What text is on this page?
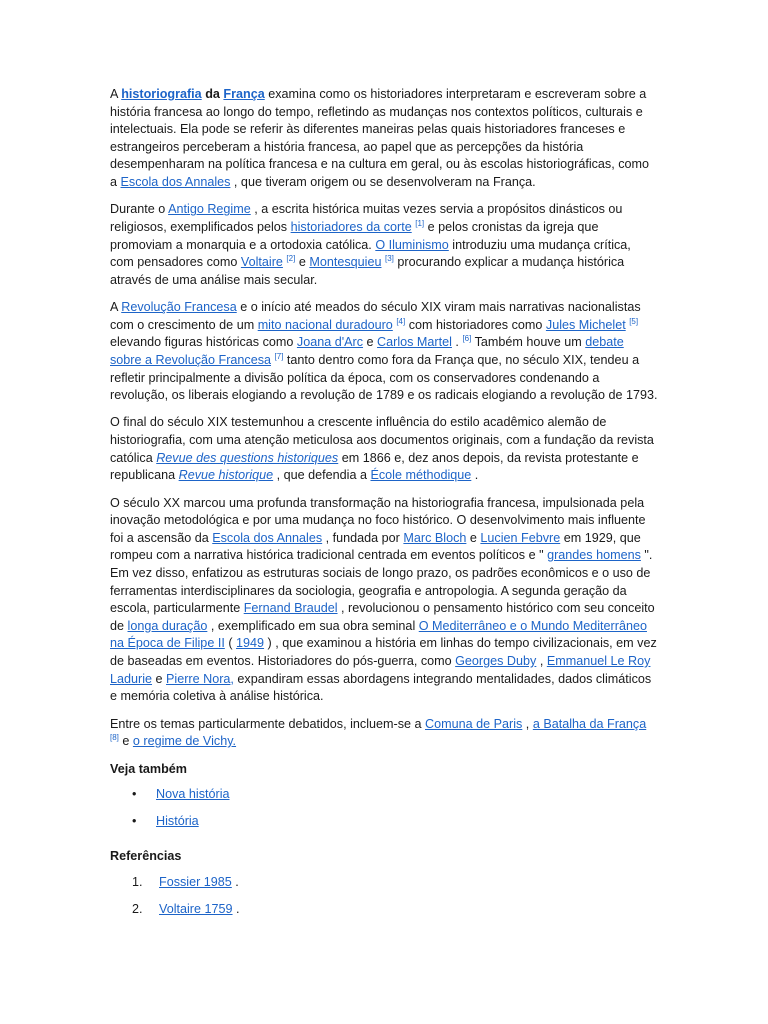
A historiografia da França examina como os historiadores interpretaram e escreveram sobre a história francesa ao longo do tempo, refletindo as mudanças nos contextos políticos, culturais e intelectuais. Ela pode se referir às diferentes maneiras pelas quais historiadores franceses e estrangeiros perceberam a história francesa, ao papel que as percepções da história desempenharam na política francesa e na cultura em geral, ou às escolas historiográficas, como a Escola dos Annales , que tiveram origem ou se desenvolveram na França.

Durante o Antigo Regime , a escrita histórica muitas vezes servia a propósitos dinásticos ou religiosos, exemplificados pelos historiadores da corte [1] e pelos cronistas da igreja que promoviam a monarquia e a ortodoxia católica. O Iluminismo introduziu uma mudança crítica, com pensadores como Voltaire [2] e Montesquieu [3] procurando explicar a mudança histórica através de uma análise mais secular.

A Revolução Francesa e o início até meados do século XIX viram mais narrativas nacionalistas com o crescimento de um mito nacional duradouro [4] com historiadores como Jules Michelet [5] elevando figuras históricas como Joana d'Arc e Carlos Martel . [6] Também houve um debate sobre a Revolução Francesa [7] tanto dentro como fora da França que, no século XIX, tendeu a refletir principalmente a divisão política da época, com os conservadores condenando a revolução, os liberais elogiando a revolução de 1789 e os radicais elogiando a revolução de 1793.

O final do século XIX testemunhou a crescente influência do estilo acadêmico alemão de historiografia, com uma atenção meticulosa aos documentos originais, com a fundação da revista católica Revue des questions historiques em 1866 e, dez anos depois, da revista protestante e republicana Revue historique , que defendia a École méthodique .

O século XX marcou uma profunda transformação na historiografia francesa, impulsionada pela inovação metodológica e por uma mudança no foco histórico. O desenvolvimento mais influente foi a ascensão da Escola dos Annales , fundada por Marc Bloch e Lucien Febvre em 1929, que rompeu com a narrativa histórica tradicional centrada em eventos políticos e " grandes homens ". Em vez disso, enfatizou as estruturas sociais de longo prazo, os padrões econômicos e o uso de ferramentas interdisciplinares da sociologia, geografia e antropologia. A segunda geração da escola, particularmente Fernand Braudel , revolucionou o pensamento histórico com seu conceito de longa duração , exemplificado em sua obra seminal O Mediterrâneo e o Mundo Mediterrâneo na Época de Filipe II ( 1949 ) , que examinou a história em linhas do tempo civilizacionais, em vez de baseadas em eventos. Historiadores do pós-guerra, como Georges Duby , Emmanuel Le Roy Ladurie e Pierre Nora, expandiram essas abordagens integrando mentalidades, dados climáticos e memória coletiva à análise histórica.

Entre os temas particularmente debatidos, incluem-se a Comuna de Paris , a Batalha da França [8] e o regime de Vichy.

Veja também
• Nova história
• História
Referências
1. Fossier 1985 .
2. Voltaire 1759 .
